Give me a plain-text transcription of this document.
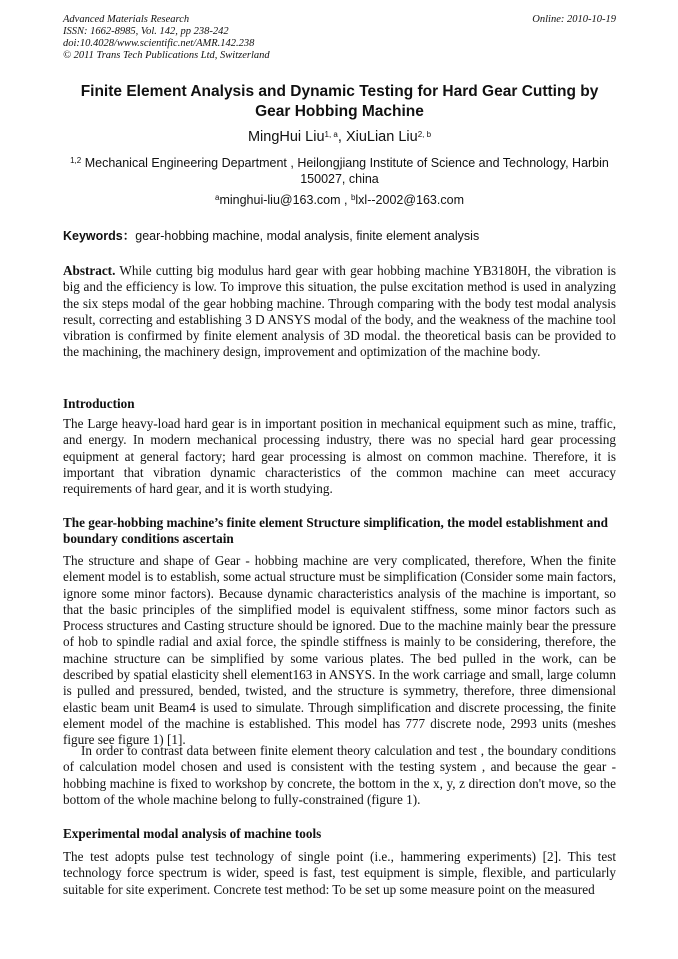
Advanced Materials Research
ISSN: 1662-8985, Vol. 142, pp 238-242
doi:10.4028/www.scientific.net/AMR.142.238
© 2011 Trans Tech Publications Ltd, Switzerland
Online: 2010-10-19
Finite Element Analysis and Dynamic Testing for Hard Gear Cutting by Gear Hobbing Machine
MingHui Liu$^{1, a}$, XiuLian Liu$^{2, b}$
$^{1,2}$ Mechanical Engineering Department , Heilongjiang Institute of Science and Technology, Harbin 150027, china
$^a$minghui-liu@163.com , $^b$lxl--2002@163.com
Keywords：gear-hobbing machine, modal analysis, finite element analysis
Abstract. While cutting big modulus hard gear with gear hobbing machine YB3180H, the vibration is big and the efficiency is low. To improve this situation, the pulse excitation method is used in analyzing the six steps modal of the gear hobbing machine. Through comparing with the body test modal analysis result, correcting and establishing 3 D ANSYS modal of the body, and the weakness of the machine tool vibration is confirmed by finite element analysis of 3D modal. the theoretical basis can be provided to the machining, the machinery design, improvement and optimization of the machine body.
Introduction
The Large heavy-load hard gear is in important position in mechanical equipment such as mine, traffic, and energy. In modern mechanical processing industry, there was no special hard gear processing equipment at general factory; hard gear processing is almost on common machine. Therefore, it is important that vibration dynamic characteristics of the common machine can meet accuracy requirements of hard gear, and it is worth studying.
The gear-hobbing machine’s finite element Structure simplification, the model establishment and boundary conditions ascertain
The structure and shape of Gear - hobbing machine are very complicated, therefore, When the finite element model is to establish, some actual structure must be simplification (Consider some main factors, ignore some minor factors). Because dynamic characteristics analysis of the machine is important, so that the basic principles of the simplified model is equivalent stiffness, some minor factors such as Process structures and Casting structure should be ignored. Due to the machine mainly bear the pressure of hob to spindle radial and axial force, the spindle stiffness is mainly to be considering, therefore, the machine structure can be simplified by some various plates. The bed pulled in the work, can be described by spatial elasticity shell element163 in ANSYS. In the work carriage and small, large column is pulled and pressured, bended, twisted, and the structure is symmetry, therefore, three dimensional elastic beam unit Beam4 is used to simulate. Through simplification and discrete processing, the finite element model of the machine is established. This model has 777 discrete node, 2993 units (meshes figure see figure 1) [1].
In order to contrast data between finite element theory calculation and test , the boundary conditions of calculation model chosen and used is consistent with the testing system , and because the gear - hobbing machine is fixed to workshop by concrete, the bottom in the x, y, z direction don't move, so the bottom of the whole machine belong to fully-constrained (figure 1).
Experimental modal analysis of machine tools
The test adopts pulse test technology of single point (i.e., hammering experiments) [2]. This test technology force spectrum is wider, speed is fast, test equipment is simple, flexible, and particularly suitable for site experiment. Concrete test method: To be set up some measure point on the measured
